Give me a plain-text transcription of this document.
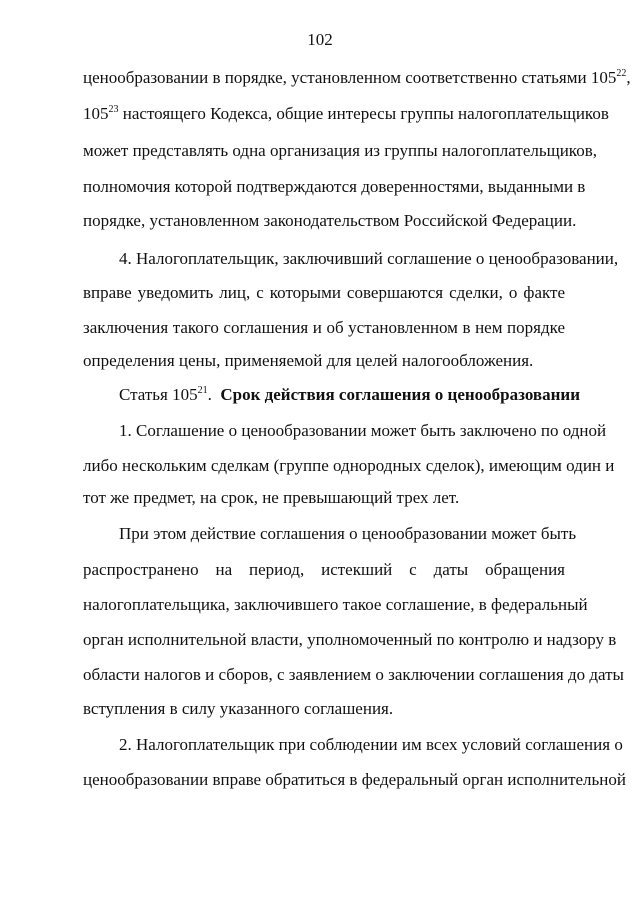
102
ценообразовании в порядке, установленном соответственно статьями $105^{22}$,
$105^{23}$ настоящего Кодекса, общие интересы группы налогоплательщиков
может представлять одна организация из группы налогоплательщиков,
полномочия которой подтверждаются доверенностями, выданными в
порядке, установленном законодательством Российской Федерации.
4. Налогоплательщик, заключивший соглашение о ценообразовании,
вправе уведомить лиц, с которыми совершаются сделки, о факте
заключения такого соглашения и об установленном в нем порядке
определения цены, применяемой для целей налогообложения.
Статья $105^{21}$. Срок действия соглашения о ценообразовании
1. Соглашение о ценообразовании может быть заключено по одной
либо нескольким сделкам (группе однородных сделок), имеющим один и
тот же предмет, на срок, не превышающий трех лет.
При этом действие соглашения о ценообразовании может быть
распространено на период, истекший с даты обращения
налогоплательщика, заключившего такое соглашение, в федеральный
орган исполнительной власти, уполномоченный по контролю и надзору в
области налогов и сборов, с заявлением о заключении соглашения до даты
вступления в силу указанного соглашения.
2. Налогоплательщик при соблюдении им всех условий соглашения о
ценообразовании вправе обратиться в федеральный орган исполнительной
